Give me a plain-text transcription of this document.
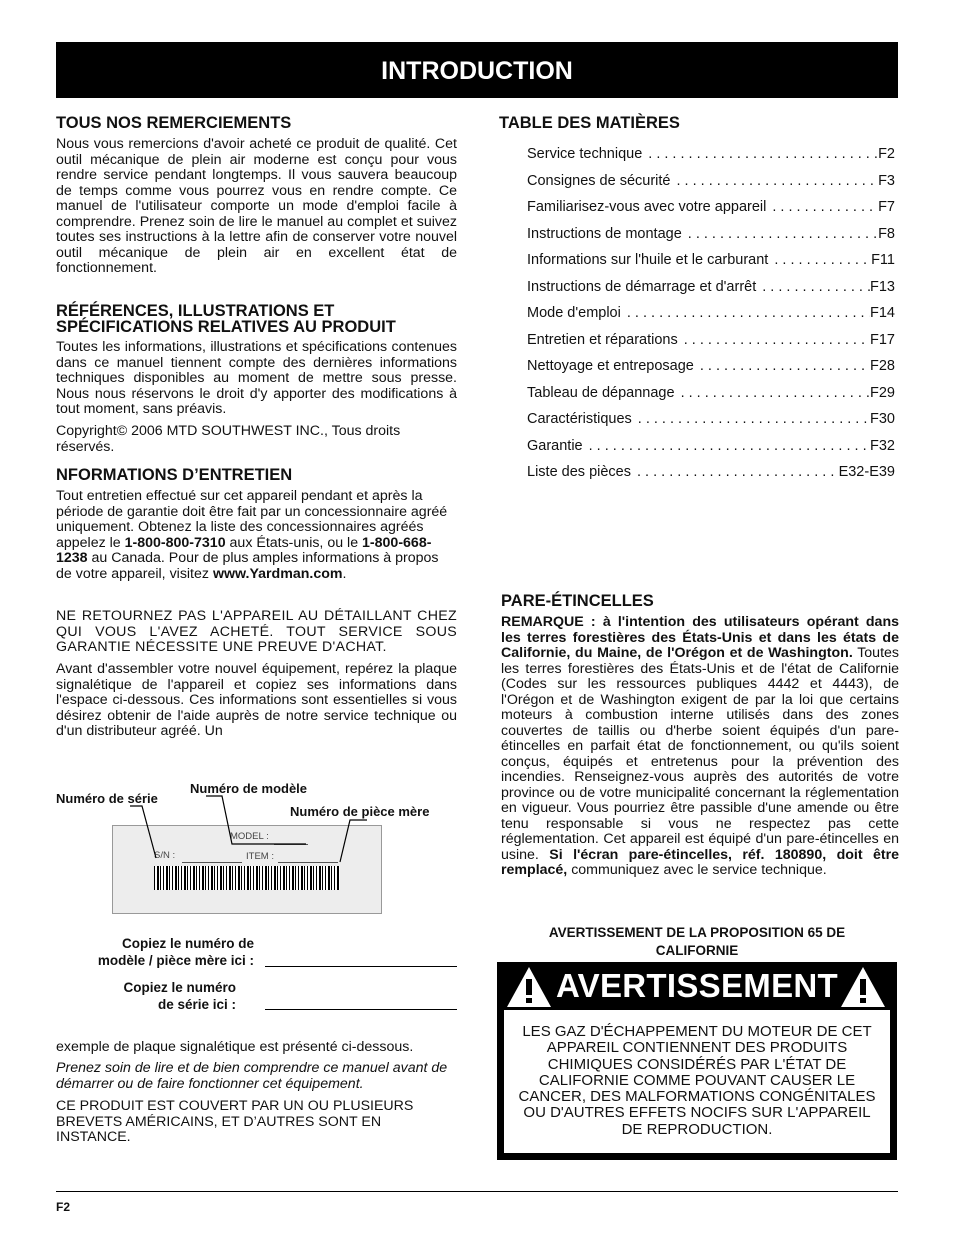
INTRODUCTION
TOUS NOS REMERCIEMENTS

Nous vous remercions d'avoir acheté ce produit de qualité. Cet outil mécanique de plein air moderne est conçu pour vous rendre service pendant longtemps. Il vous sauvera beaucoup de temps comme vous pourrez vous en rendre compte. Ce manuel de l'utilisateur comporte un mode d'emploi facile à comprendre. Prenez soin de lire le manuel au complet et suivez toutes ses instructions à la lettre afin de conserver votre nouvel outil mécanique de plein air en excellent état de fonctionnement.

RÉFÉRENCES, ILLUSTRATIONS ET
SPÉCIFICATIONS RELATIVES AU PRODUIT

Toutes les informations, illustrations et spécifications contenues dans ce manuel tiennent compte des dernières informations techniques disponibles au moment de mettre sous presse. Nous nous réservons le droit d'y apporter des modifications à tout moment, sans préavis.

Copyright© 2006 MTD SOUTHWEST INC., Tous droits réservés.

NFORMATIONS D’ENTRETIEN

Tout entretien effectué sur cet appareil pendant et après la période de garantie doit être fait par un concessionnaire agréé uniquement. Obtenez la liste des concessionnaires agréés appelez le 1-800-800-7310 aux États-unis, ou le 1-800-668-1238 au Canada. Pour de plus amples informations à propos de votre appareil, visitez www.Yardman.com.

NE RETOURNEZ PAS L'APPAREIL AU DÉTAILLANT CHEZ QUI VOUS L'AVEZ ACHETÉ. TOUT SERVICE SOUS GARANTIE NÉCESSITE UNE PREUVE D'ACHAT.

Avant d'assembler votre nouvel équipement, repérez la plaque signalétique de l'appareil et copiez ses informations dans l'espace ci-dessous. Ces informations sont essentielles si vous désirez obtenir de l'aide auprès de notre service technique ou d'un distributeur agréé. Un

Numéro de série
Numéro de modèle
Numéro de pièce mère
MODEL :
S/N :	ITEM :
Copiez le numéro de
modèle / pièce mère ici :
Copiez le numéro
de série ici :

exemple de plaque signalétique est présenté ci-dessous.

Prenez soin de lire et de bien comprendre ce manuel avant de démarrer ou de faire fonctionner cet équipement.

CE PRODUIT EST COUVERT PAR UN OU PLUSIEURS BREVETS AMÉRICAINS, ET D’AUTRES SONT EN INSTANCE.

TABLE DES MATIÈRES
Service technique . . .	F2
Consignes de sécurité . . .	F3
Familiarisez-vous avec votre appareil . . .	F7
Instructions de montage . . .	F8
Informations sur l'huile et le carburant . . .	F11
Instructions de démarrage et d'arrêt . . .	F13
Mode d'emploi . . .	F14
Entretien et réparations . . .	F17
Nettoyage et entreposage . . .	F28
Tableau de dépannage . . .	F29
Caractéristiques . . .	F30
Garantie . . .	F32
Liste des pièces . . .	E32-E39
PARE-ÉTINCELLES

REMARQUE : à l'intention des utilisateurs opérant dans les terres forestières des États-Unis et dans les états de Californie, du Maine, de l'Orégon et de Washington. Toutes les terres forestières des États-Unis et de l'état de Californie (Codes sur les ressources publiques 4442 et 4443), de l'Orégon et de Washington exigent de par la loi que certains moteurs à combustion interne utilisés dans des zones couvertes de taillis ou d'herbe soient équipés d'un pare-étincelles en parfait état de fonctionnement, ou qu'ils soient conçus, équipés et entretenus pour la prévention des incendies. Renseignez-vous auprès des autorités de votre province ou de votre municipalité concernant la réglementation en vigueur. Vous pourriez être passible d'une amende ou être tenu responsable si vous ne respectez pas cette réglementation. Cet appareil est équipé d'un pare-étincelles en usine. Si l'écran pare-étincelles, réf. 180890, doit être remplacé, communiquez avec le service technique.

AVERTISSEMENT DE LA PROPOSITION 65 DE
CALIFORNIE
AVERTISSEMENT
LES GAZ D'ÉCHAPPEMENT DU MOTEUR DE CET APPAREIL CONTIENNENT DES PRODUITS CHIMIQUES CONSIDÉRÉS PAR L'ÉTAT DE CALIFORNIE COMME POUVANT CAUSER LE CANCER, DES MALFORMATIONS CONGÉNITALES OU D'AUTRES EFFETS NOCIFS SUR L'APPAREIL DE REPRODUCTION.
F2
